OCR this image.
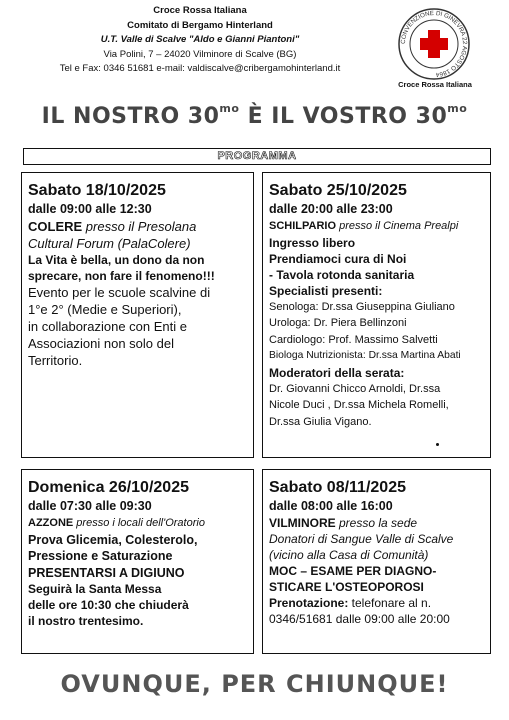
Croce Rossa Italiana
Comitato di Bergamo Hinterland
U.T. Valle di Scalve "Aldo e Gianni Piantoni"
Via Polini, 7 – 24020 Vilminore di Scalve (BG)
Tel e Fax: 0346 51681 e-mail: valdiscalve@cribergamohinterland.it
CONVENZIONE DI GINEVRA 22 AGOSTO 1864
Croce Rossa Italiana
IL NOSTRO $30^{mo}$ È IL VOSTRO $30^{mo}$
PROGRAMMA
Sabato 18/10/2025
dalle 09:00 alle 12:30
COLERE presso il Presolana
Cultural Forum (PalaColere)
La Vita è bella, un dono da non
sprecare, non fare il fenomeno!!!
Evento per le scuole scalvine di
1°e 2° (Medie e Superiori),
in collaborazione con Enti e
Associazioni non solo del
Territorio.
Sabato 25/10/2025
dalle 20:00 alle 23:00
SCHILPARIO presso il Cinema Prealpi
Ingresso libero
Prendiamoci cura di Noi
- Tavola rotonda sanitaria
Specialisti presenti:
Senologa: Dr.ssa Giuseppina Giuliano
Urologa: Dr. Piera Bellinzoni
Cardiologo: Prof. Massimo Salvetti
Biologa Nutrizionista: Dr.ssa Martina Abati
Moderatori della serata:
Dr. Giovanni Chicco Arnoldi, Dr.ssa
Nicole Duci , Dr.ssa Michela Romelli,
Dr.ssa Giulia Vigano.
Domenica 26/10/2025
dalle 07:30 alle 09:30
AZZONE presso i locali dell'Oratorio
Prova Glicemia, Colesterolo,
Pressione e Saturazione
PRESENTARSI A DIGIUNO
Seguirà la Santa Messa
delle ore 10:30 che chiuderà
il nostro trentesimo.
Sabato 08/11/2025
dalle 08:00 alle 16:00
VILMINORE presso la sede
Donatori di Sangue Valle di Scalve
(vicino alla Casa di Comunità)
MOC – ESAME PER DIAGNO-
STICARE L'OSTEOPOROSI
Prenotazione: telefonare al n.
0346/51681 dalle 09:00 alle 20:00
OVUNQUE, PER CHIUNQUE!
